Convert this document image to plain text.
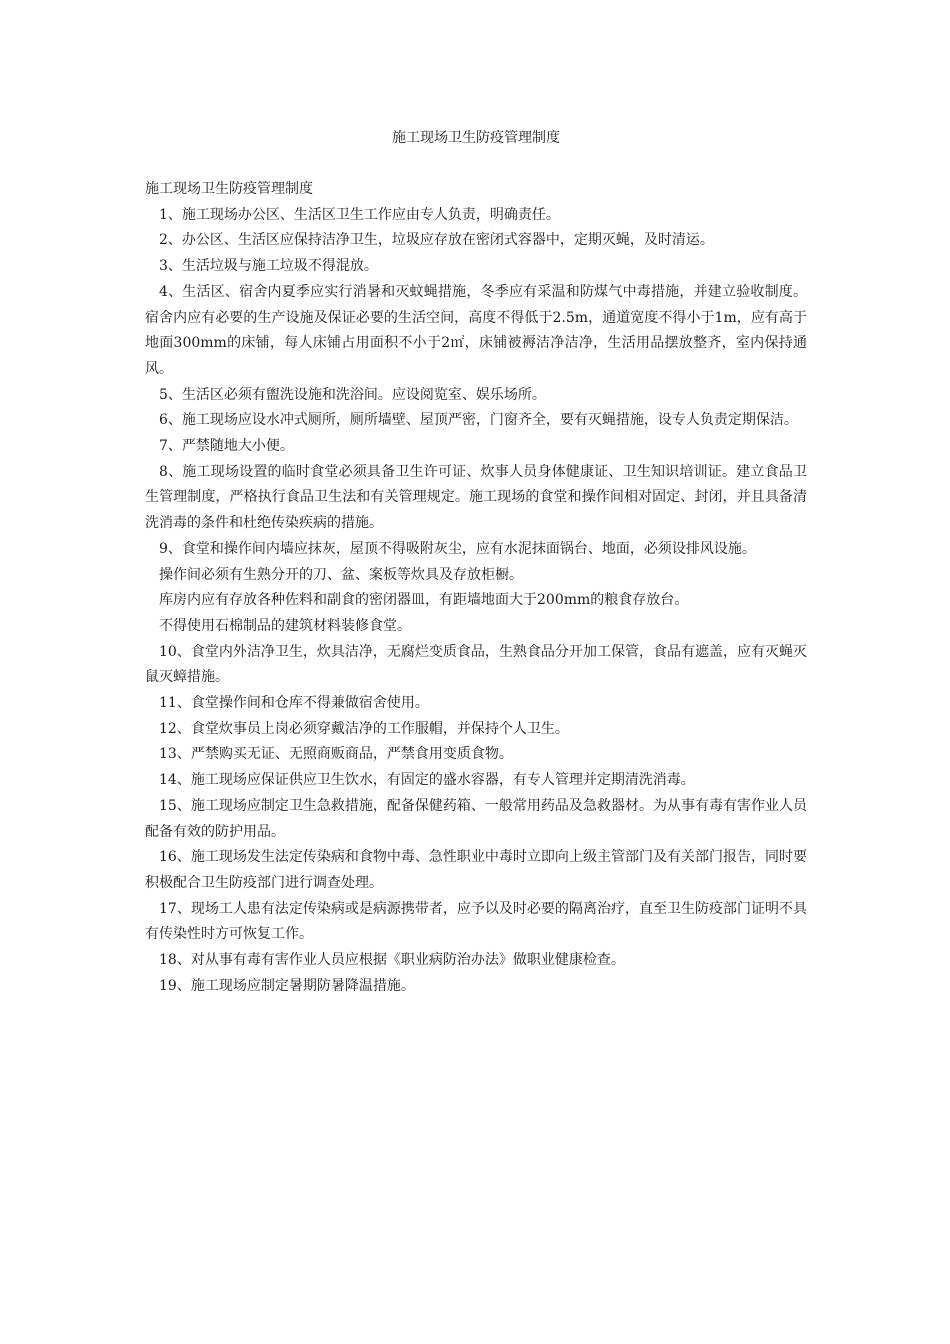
施工现场卫生防疫管理制度

施工现场卫生防疫管理制度

1、施工现场办公区、生活区卫生工作应由专人负责，明确责任。

2、办公区、生活区应保持洁净卫生，垃圾应存放在密闭式容器中，定期灭蝇，及时清运。

3、生活垃圾与施工垃圾不得混放。

4、生活区、宿舍内夏季应实行消暑和灭蚊蝇措施，冬季应有采温和防煤气中毒措施，并建立验收制度。宿舍内应有必要的生产设施及保证必要的生活空间，高度不得低于2.5m，通道宽度不得小于1m，应有高于地面300mm的床铺，每人床铺占用面积不小于2㎡，床铺被褥洁净洁净，生活用品摆放整齐，室内保持通风。

5、生活区必须有盥洗设施和洗浴间。应设阅览室、娱乐场所。

6、施工现场应设水冲式厕所，厕所墙壁、屋顶严密，门窗齐全，要有灭蝇措施，设专人负责定期保洁。

7、严禁随地大小便。

8、施工现场设置的临时食堂必须具备卫生许可证、炊事人员身体健康证、卫生知识培训证。建立食品卫生管理制度，严格执行食品卫生法和有关管理规定。施工现场的食堂和操作间相对固定、封闭，并且具备清洗消毒的条件和杜绝传染疾病的措施。

9、食堂和操作间内墙应抹灰，屋顶不得吸附灰尘，应有水泥抹面锅台、地面，必须设排风设施。

操作间必须有生熟分开的刀、盆、案板等炊具及存放柜橱。

库房内应有存放各种佐料和副食的密闭器皿，有距墙地面大于200mm的粮食存放台。

不得使用石棉制品的建筑材料装修食堂。

10、食堂内外洁净卫生，炊具洁净，无腐烂变质食品，生熟食品分开加工保管，食品有遮盖，应有灭蝇灭鼠灭蟑措施。

11、食堂操作间和仓库不得兼做宿舍使用。

12、食堂炊事员上岗必须穿戴洁净的工作服帽，并保持个人卫生。

13、严禁购买无证、无照商贩商品，严禁食用变质食物。

14、施工现场应保证供应卫生饮水，有固定的盛水容器，有专人管理并定期清洗消毒。

15、施工现场应制定卫生急救措施，配备保健药箱、一般常用药品及急救器材。为从事有毒有害作业人员配备有效的防护用品。

16、施工现场发生法定传染病和食物中毒、急性职业中毒时立即向上级主管部门及有关部门报告，同时要积极配合卫生防疫部门进行调查处理。

17、现场工人患有法定传染病或是病源携带者，应予以及时必要的隔离治疗，直至卫生防疫部门证明不具有传染性时方可恢复工作。

18、对从事有毒有害作业人员应根据《职业病防治办法》做职业健康检查。

19、施工现场应制定暑期防暑降温措施。
